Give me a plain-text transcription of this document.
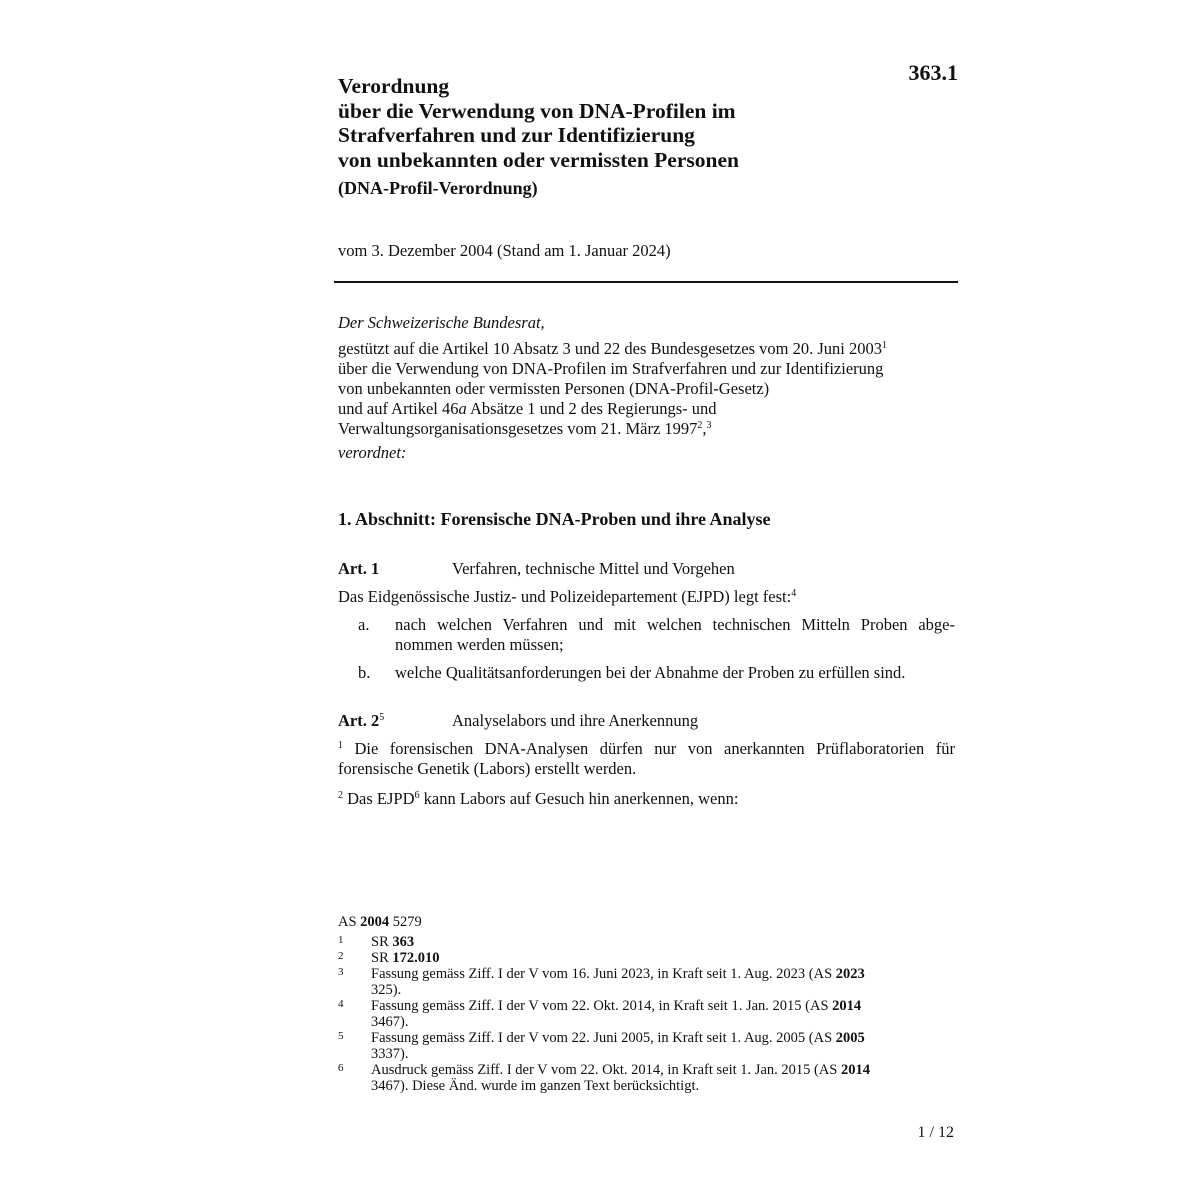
363.1
Verordnung
über die Verwendung von DNA-Profilen im
Strafverfahren und zur Identifizierung
von unbekannten oder vermissten Personen
(DNA-Profil-Verordnung)
vom 3. Dezember 2004 (Stand am 1. Januar 2024)
Der Schweizerische Bundesrat,
gestützt auf die Artikel 10 Absatz 3 und 22 des Bundesgesetzes vom 20. Juni 2003$^1$
über die Verwendung von DNA-Profilen im Strafverfahren und zur Identifizierung
von unbekannten oder vermissten Personen (DNA-Profil-Gesetz)
und auf Artikel 46a Absätze 1 und 2 des Regierungs- und
Verwaltungsorganisationsgesetzes vom 21. März 1997$^2$,$^3$
verordnet:
1. Abschnitt: Forensische DNA-Proben und ihre Analyse
Art. 1	Verfahren, technische Mittel und Vorgehen
Das Eidgenössische Justiz- und Polizeidepartement (EJPD) legt fest:$^4$
a. nach welchen Verfahren und mit welchen technischen Mitteln Proben abge- nommen werden müssen;
b. welche Qualitätsanforderungen bei der Abnahme der Proben zu erfüllen sind.
Art. $2^5$	Analyselabors und ihre Anerkennung
$^1$ Die forensischen DNA-Analysen dürfen nur von anerkannten Prüflaboratorien für forensische Genetik (Labors) erstellt werden.
$^2$ Das EJPD$^6$ kann Labors auf Gesuch hin anerkennen, wenn:
AS 2004 5279
1 SR 363
2 SR 172.010
3 Fassung gemäss Ziff. I der V vom 16. Juni 2023, in Kraft seit 1. Aug. 2023 (AS 2023 325).
4 Fassung gemäss Ziff. I der V vom 22. Okt. 2014, in Kraft seit 1. Jan. 2015 (AS 2014 3467).
5 Fassung gemäss Ziff. I der V vom 22. Juni 2005, in Kraft seit 1. Aug. 2005 (AS 2005 3337).
6 Ausdruck gemäss Ziff. I der V vom 22. Okt. 2014, in Kraft seit 1. Jan. 2015 (AS 2014 3467). Diese Änd. wurde im ganzen Text berücksichtigt.
1 / 12
